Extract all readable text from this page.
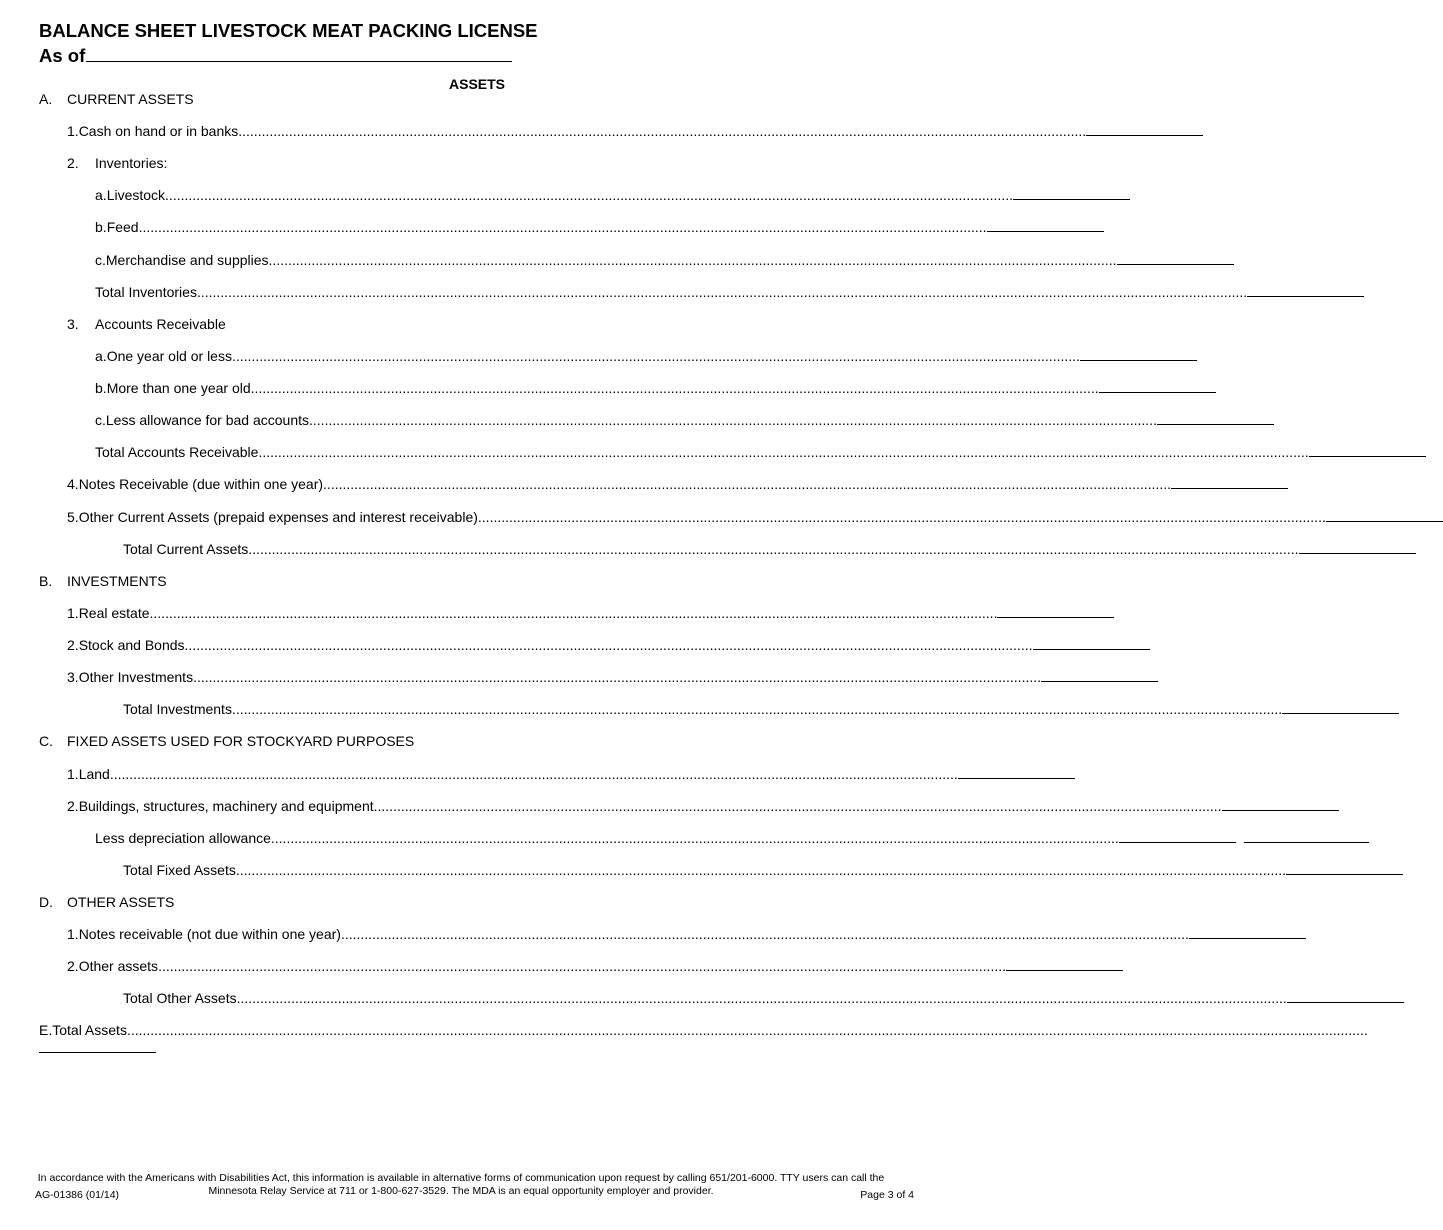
BALANCE SHEET LIVESTOCK MEAT PACKING LICENSE
As of
ASSETS
A.	CURRENT ASSETS
1. Cash on hand or in banks ..........................................................................................................................................................................................................................
2.	Inventories:
a. Livestock ..........................................................................................................................................................................................................................
b. Feed ..........................................................................................................................................................................................................................
c. Merchandise and supplies ..........................................................................................................................................................................................................................
Total Inventories ..............................................................................................................................................................................................................................................................................
3.	Accounts Receivable
a. One year old or less ..........................................................................................................................................................................................................................
b. More than one year old ..........................................................................................................................................................................................................................
c. Less allowance for bad accounts ..........................................................................................................................................................................................................................
Total Accounts Receivable ..............................................................................................................................................................................................................................................................................
4. Notes Receivable (due within one year) ..........................................................................................................................................................................................................................
5. Other Current Assets (prepaid expenses and interest receivable) ..........................................................................................................................................................................................................................
Total Current Assets ..............................................................................................................................................................................................................................................................................
B.	INVESTMENTS
1. Real estate ..........................................................................................................................................................................................................................
2. Stock and Bonds ..........................................................................................................................................................................................................................
3. Other Investments ..........................................................................................................................................................................................................................
Total Investments ..............................................................................................................................................................................................................................................................................
C.	FIXED ASSETS USED FOR STOCKYARD PURPOSES
1. Land ..........................................................................................................................................................................................................................
2. Buildings, structures, machinery and equipment ..........................................................................................................................................................................................................................
Less depreciation allowance ..........................................................................................................................................................................................................................
Total Fixed Assets ..............................................................................................................................................................................................................................................................................
D.	OTHER ASSETS
1. Notes receivable (not due within one year) ..........................................................................................................................................................................................................................
2. Other assets ..........................................................................................................................................................................................................................
Total Other Assets ..............................................................................................................................................................................................................................................................................
E. Total Assets ...............................................................................................................................................................................................................................................................................................................................
In accordance with the Americans with Disabilities Act, this information is available in alternative forms of communication upon request by calling 651/201-6000. TTY users can call the Minnesota Relay Service at 711 or 1-800-627-3529. The MDA is an equal opportunity employer and provider.
AG-01386 (01/14)	Page 3 of 4
